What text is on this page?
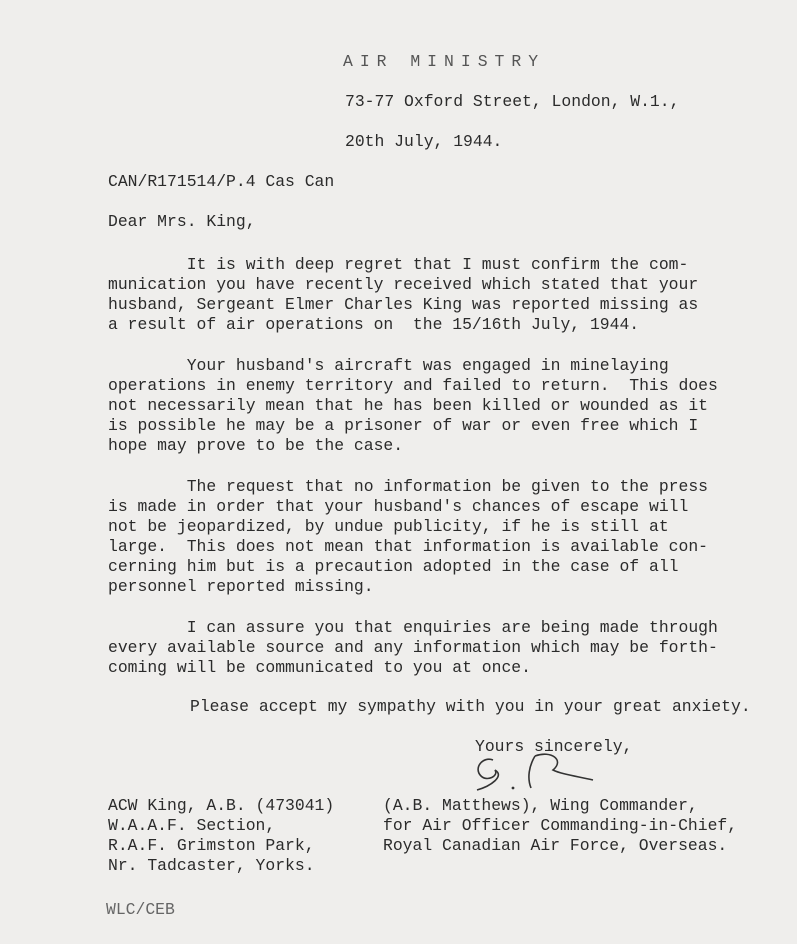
AIR MINISTRY
73-77 Oxford Street, London, W.1.,
20th July, 1944.
CAN/R171514/P.4 Cas Can
Dear Mrs. King,
It is with deep regret that I must confirm the com-
munication you have recently received which stated that your
husband, Sergeant Elmer Charles King was reported missing as
a result of air operations on  the 15/16th July, 1944.
Your husband's aircraft was engaged in minelaying
operations in enemy territory and failed to return.  This does
not necessarily mean that he has been killed or wounded as it
is possible he may be a prisoner of war or even free which I
hope may prove to be the case.
The request that no information be given to the press
is made in order that your husband's chances of escape will
not be jeopardized, by undue publicity, if he is still at
large.  This does not mean that information is available con-
cerning him but is a precaution adopted in the case of all
personnel reported missing.
I can assure you that enquiries are being made through
every available source and any information which may be forth-
coming will be communicated to you at once.
Please accept my sympathy with you in your great anxiety.
Yours sincerely,
ACW King, A.B. (473041)
W.A.A.F. Section,
R.A.F. Grimston Park,
Nr. Tadcaster, Yorks.
(A.B. Matthews), Wing Commander,
for Air Officer Commanding-in-Chief,
Royal Canadian Air Force, Overseas.
WLC/CEB
